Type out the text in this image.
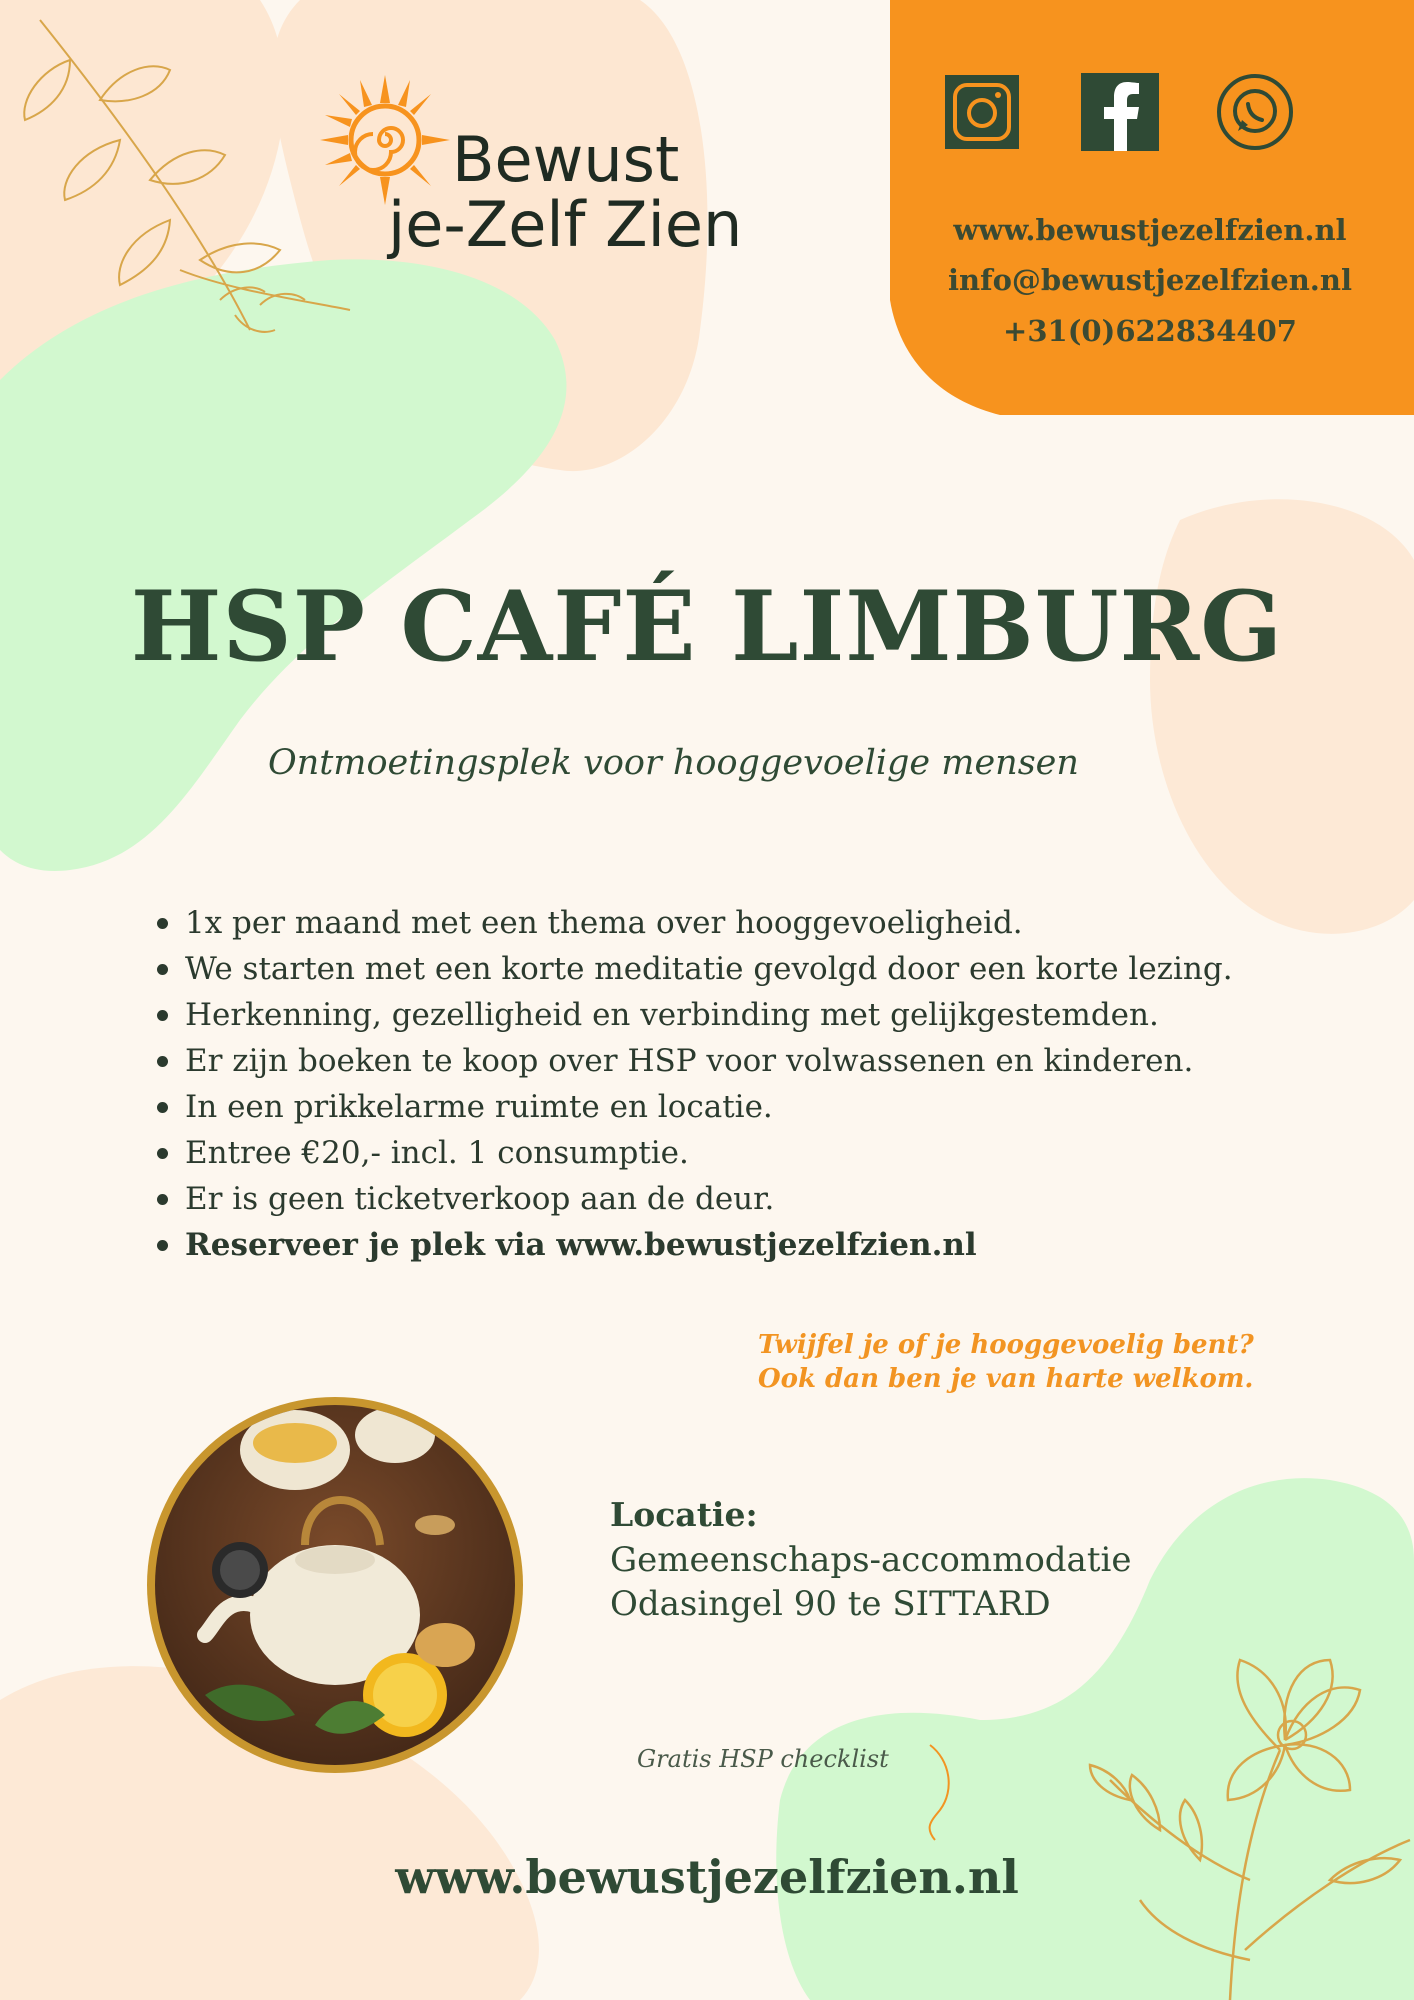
Bewust
je-Zelf Zien	www.bewustjezelfzien.nl
info@bewustjezelfzien.nl
+31(0)622834407
HSP CAFÉ LIMBURG
Ontmoetingsplek voor hooggevoelige mensen
1x per maand met een thema over hooggevoeligheid.
We starten met een korte meditatie gevolgd door een korte lezing.
Herkenning, gezelligheid en verbinding met gelijkgestemden.
Er zijn boeken te koop over HSP voor volwassenen en kinderen.
In een prikkelarme ruimte en locatie.
Entree €20,- incl. 1 consumptie.
Er is geen ticketverkoop aan de deur.
Reserveer je plek via www.bewustjezelfzien.nl
Twijfel je of je hooggevoelig bent?
Ook dan ben je van harte welkom.
Locatie:
Gemeenschaps-accommodatie
Odasingel 90 te SITTARD
Gratis HSP checklist
www.bewustjezelfzien.nl
